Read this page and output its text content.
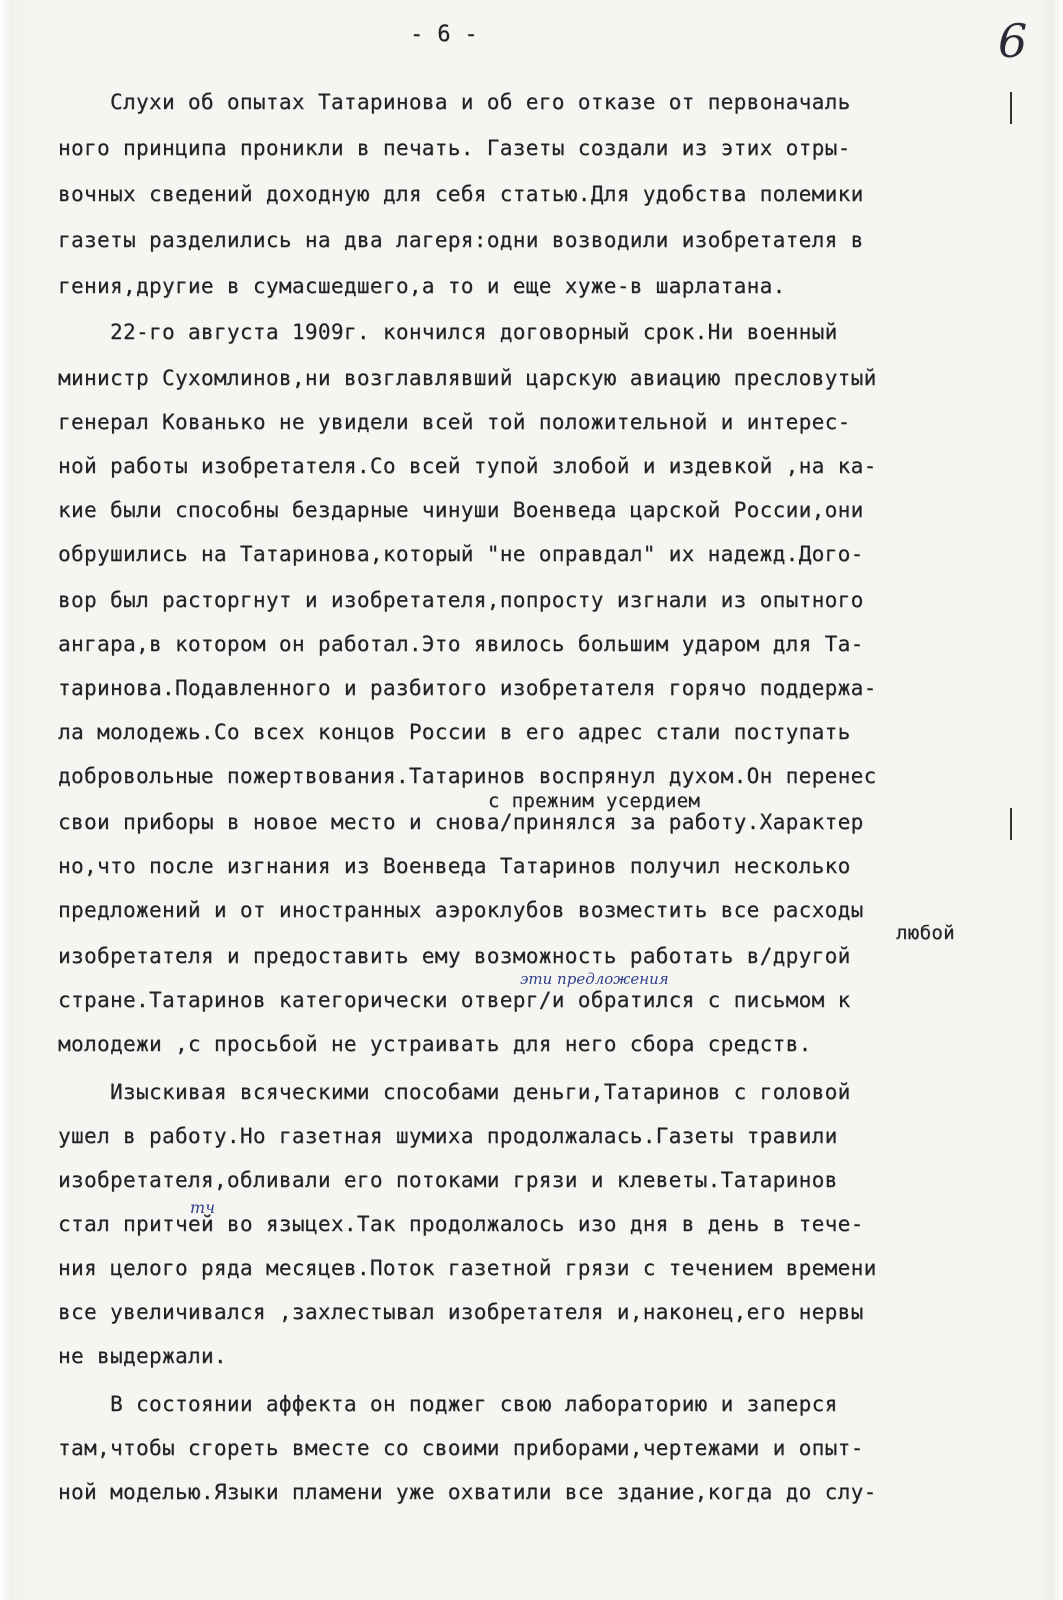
- 6 -	6
Слухи об опытах Татаринова и об его отказе от первоначаль
ного принципа проникли в печать. Газеты создали из этих отры-
вочных сведений доходную для себя статью.Для удобства полемики
газеты разделились на два лагеря:одни возводили изобретателя в
гения,другие в сумасшедшего,а то и еще хуже-в шарлатана.
22-го августа 1909г. кончился договорный срок.Ни военный
министр Сухомлинов,ни возглавлявший царскую авиацию пресловутый
генерал Кованько не увидели всей той положительной и интерес-
ной работы изобретателя.Со всей тупой злобой и издевкой ,на ка-
кие были способны бездарные чинуши Военведа царской России,они
обрушились на Татаринова,который "не оправдал" их надежд.Дого-
вор был расторгнут и изобретателя,попросту изгнали из опытного
ангара,в котором он работал.Это явилось большим ударом для Та-
таринова.Подавленного и разбитого изобретателя горячо поддержа-
ла молодежь.Со всех концов России в его адрес стали поступать
добровольные пожертвования.Татаринов воспрянул духом.Он перенес
с прежним усердием
свои приборы в новое место и снова/принялся за работу.Характер
но,что после изгнания из Военведа Татаринов получил несколько
предложений и от иностранных аэроклубов возместить все расходы
любой
изобретателя и предоставить ему возможность работать в/другой
эти предложения
стране.Татаринов категорически отверг/и обратился с письмом к
молодежи ,с просьбой не устраивать для него сбора средств.
Изыскивая всяческими способами деньги,Татаринов с головой
ушел в работу.Но газетная шумиха продолжалась.Газеты травили
изобретателя,обливали его потоками грязи и клеветы.Татаринов
тч
стал притчей во языцех.Так продолжалось изо дня в день в тече-
ния целого ряда месяцев.Поток газетной грязи с течением времени
все увеличивался ,захлестывал изобретателя и,наконец,его нервы
не выдержали.
В состоянии аффекта он поджег свою лабораторию и заперся
там,чтобы сгореть вместе со своими приборами,чертежами и опыт-
ной моделью.Языки пламени уже охватили все здание,когда до слу-
